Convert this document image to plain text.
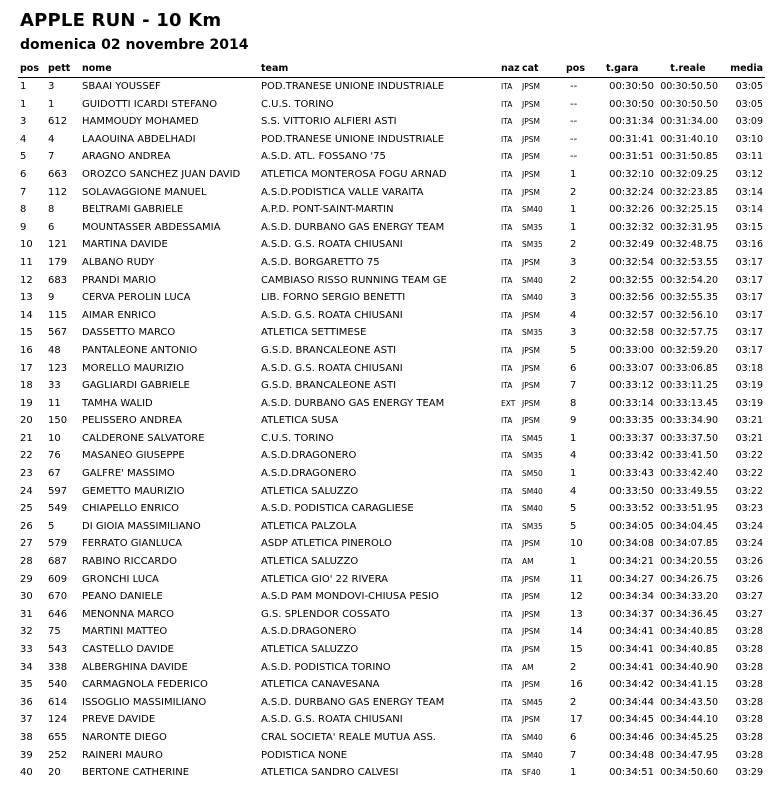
APPLE RUN - 10 Km
domenica 02 novembre 2014
pos	pett	nome	team	naz	cat	pos	t.gara	t.reale	media
1	3	SBAAI YOUSSEF	POD.TRANESE UNIONE INDUSTRIALE	ITA	JPSM	--	00:30:50	00:30:50.50	03:05
1	1	GUIDOTTI ICARDI STEFANO	C.U.S. TORINO	ITA	JPSM	--	00:30:50	00:30:50.50	03:05
3	612	HAMMOUDY MOHAMED	S.S. VITTORIO ALFIERI ASTI	ITA	JPSM	--	00:31:34	00:31:34.00	03:09
4	4	LAAOUINA ABDELHADI	POD.TRANESE UNIONE INDUSTRIALE	ITA	JPSM	--	00:31:41	00:31:40.10	03:10
5	7	ARAGNO ANDREA	A.S.D. ATL. FOSSANO '75	ITA	JPSM	--	00:31:51	00:31:50.85	03:11
6	663	OROZCO SANCHEZ JUAN DAVID	ATLETICA MONTEROSA FOGU ARNAD	ITA	JPSM	1	00:32:10	00:32:09.25	03:12
7	112	SOLAVAGGIONE MANUEL	A.S.D.PODISTICA VALLE VARAITA	ITA	JPSM	2	00:32:24	00:32:23.85	03:14
8	8	BELTRAMI GABRIELE	A.P.D. PONT-SAINT-MARTIN	ITA	SM40	1	00:32:26	00:32:25.15	03:14
9	6	MOUNTASSER ABDESSAMIA	A.S.D. DURBANO GAS ENERGY TEAM	ITA	SM35	1	00:32:32	00:32:31.95	03:15
10	121	MARTINA DAVIDE	A.S.D. G.S. ROATA CHIUSANI	ITA	SM35	2	00:32:49	00:32:48.75	03:16
11	179	ALBANO RUDY	A.S.D. BORGARETTO 75	ITA	JPSM	3	00:32:54	00:32:53.55	03:17
12	683	PRANDI MARIO	CAMBIASO RISSO RUNNING TEAM GE	ITA	SM40	2	00:32:55	00:32:54.20	03:17
13	9	CERVA PEROLIN LUCA	LIB. FORNO SERGIO BENETTI	ITA	SM40	3	00:32:56	00:32:55.35	03:17
14	115	AIMAR ENRICO	A.S.D. G.S. ROATA CHIUSANI	ITA	JPSM	4	00:32:57	00:32:56.10	03:17
15	567	DASSETTO MARCO	ATLETICA SETTIMESE	ITA	SM35	3	00:32:58	00:32:57.75	03:17
16	48	PANTALEONE ANTONIO	G.S.D. BRANCALEONE ASTI	ITA	JPSM	5	00:33:00	00:32:59.20	03:17
17	123	MORELLO MAURIZIO	A.S.D. G.S. ROATA CHIUSANI	ITA	JPSM	6	00:33:07	00:33:06.85	03:18
18	33	GAGLIARDI GABRIELE	G.S.D. BRANCALEONE ASTI	ITA	JPSM	7	00:33:12	00:33:11.25	03:19
19	11	TAMHA WALID	A.S.D. DURBANO GAS ENERGY TEAM	EXT	JPSM	8	00:33:14	00:33:13.45	03:19
20	150	PELISSERO ANDREA	ATLETICA SUSA	ITA	JPSM	9	00:33:35	00:33:34.90	03:21
21	10	CALDERONE SALVATORE	C.U.S. TORINO	ITA	SM45	1	00:33:37	00:33:37.50	03:21
22	76	MASANEO GIUSEPPE	A.S.D.DRAGONERO	ITA	SM35	4	00:33:42	00:33:41.50	03:22
23	67	GALFRE' MASSIMO	A.S.D.DRAGONERO	ITA	SM50	1	00:33:43	00:33:42.40	03:22
24	597	GEMETTO MAURIZIO	ATLETICA SALUZZO	ITA	SM40	4	00:33:50	00:33:49.55	03:22
25	549	CHIAPELLO ENRICO	A.S.D. PODISTICA CARAGLIESE	ITA	SM40	5	00:33:52	00:33:51.95	03:23
26	5	DI GIOIA MASSIMILIANO	ATLETICA PALZOLA	ITA	SM35	5	00:34:05	00:34:04.45	03:24
27	579	FERRATO GIANLUCA	ASDP ATLETICA PINEROLO	ITA	JPSM	10	00:34:08	00:34:07.85	03:24
28	687	RABINO RICCARDO	ATLETICA SALUZZO	ITA	AM	1	00:34:21	00:34:20.55	03:26
29	609	GRONCHI LUCA	ATLETICA GIO' 22 RIVERA	ITA	JPSM	11	00:34:27	00:34:26.75	03:26
30	670	PEANO DANIELE	A.S.D PAM MONDOVI-CHIUSA PESIO	ITA	JPSM	12	00:34:34	00:34:33.20	03:27
31	646	MENONNA MARCO	G.S. SPLENDOR COSSATO	ITA	JPSM	13	00:34:37	00:34:36.45	03:27
32	75	MARTINI MATTEO	A.S.D.DRAGONERO	ITA	JPSM	14	00:34:41	00:34:40.85	03:28
33	543	CASTELLO DAVIDE	ATLETICA SALUZZO	ITA	JPSM	15	00:34:41	00:34:40.85	03:28
34	338	ALBERGHINA DAVIDE	A.S.D. PODISTICA TORINO	ITA	AM	2	00:34:41	00:34:40.90	03:28
35	540	CARMAGNOLA FEDERICO	ATLETICA CANAVESANA	ITA	JPSM	16	00:34:42	00:34:41.15	03:28
36	614	ISSOGLIO MASSIMILIANO	A.S.D. DURBANO GAS ENERGY TEAM	ITA	SM45	2	00:34:44	00:34:43.50	03:28
37	124	PREVE DAVIDE	A.S.D. G.S. ROATA CHIUSANI	ITA	JPSM	17	00:34:45	00:34:44.10	03:28
38	655	NARONTE DIEGO	CRAL SOCIETA' REALE MUTUA ASS.	ITA	SM40	6	00:34:46	00:34:45.25	03:28
39	252	RAINERI MAURO	PODISTICA NONE	ITA	SM40	7	00:34:48	00:34:47.95	03:28
40	20	BERTONE CATHERINE	ATLETICA SANDRO CALVESI	ITA	SF40	1	00:34:51	00:34:50.60	03:29
